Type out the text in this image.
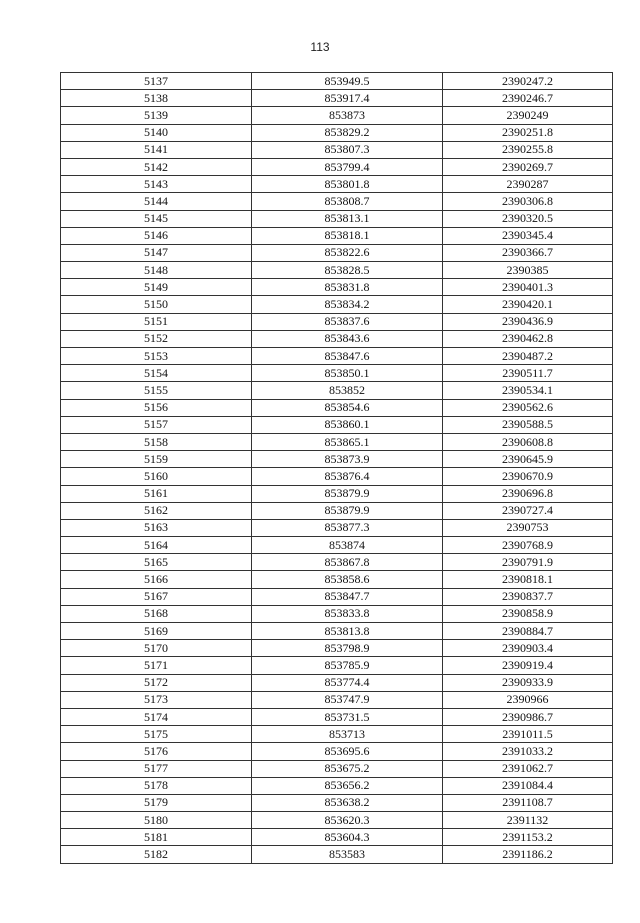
113
5137	853949.5	2390247.2
5138	853917.4	2390246.7
5139	853873	2390249
5140	853829.2	2390251.8
5141	853807.3	2390255.8
5142	853799.4	2390269.7
5143	853801.8	2390287
5144	853808.7	2390306.8
5145	853813.1	2390320.5
5146	853818.1	2390345.4
5147	853822.6	2390366.7
5148	853828.5	2390385
5149	853831.8	2390401.3
5150	853834.2	2390420.1
5151	853837.6	2390436.9
5152	853843.6	2390462.8
5153	853847.6	2390487.2
5154	853850.1	2390511.7
5155	853852	2390534.1
5156	853854.6	2390562.6
5157	853860.1	2390588.5
5158	853865.1	2390608.8
5159	853873.9	2390645.9
5160	853876.4	2390670.9
5161	853879.9	2390696.8
5162	853879.9	2390727.4
5163	853877.3	2390753
5164	853874	2390768.9
5165	853867.8	2390791.9
5166	853858.6	2390818.1
5167	853847.7	2390837.7
5168	853833.8	2390858.9
5169	853813.8	2390884.7
5170	853798.9	2390903.4
5171	853785.9	2390919.4
5172	853774.4	2390933.9
5173	853747.9	2390966
5174	853731.5	2390986.7
5175	853713	2391011.5
5176	853695.6	2391033.2
5177	853675.2	2391062.7
5178	853656.2	2391084.4
5179	853638.2	2391108.7
5180	853620.3	2391132
5181	853604.3	2391153.2
5182	853583	2391186.2
